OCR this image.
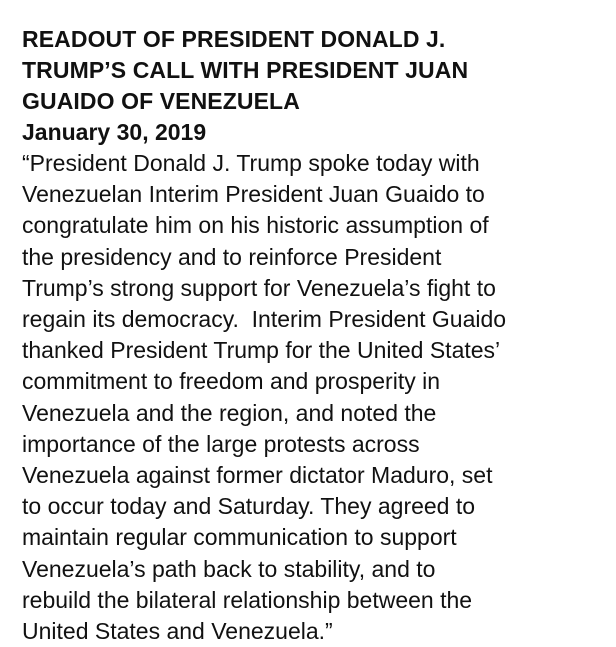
READOUT OF PRESIDENT DONALD J.
TRUMP’S CALL WITH PRESIDENT JUAN
GUAIDO OF VENEZUELA
January 30, 2019
“President Donald J. Trump spoke today with
Venezuelan Interim President Juan Guaido to
congratulate him on his historic assumption of
the presidency and to reinforce President
Trump’s strong support for Venezuela’s fight to
regain its democracy.  Interim President Guaido
thanked President Trump for the United States’
commitment to freedom and prosperity in
Venezuela and the region, and noted the
importance of the large protests across
Venezuela against former dictator Maduro, set
to occur today and Saturday. They agreed to
maintain regular communication to support
Venezuela’s path back to stability, and to
rebuild the bilateral relationship between the
United States and Venezuela.”
